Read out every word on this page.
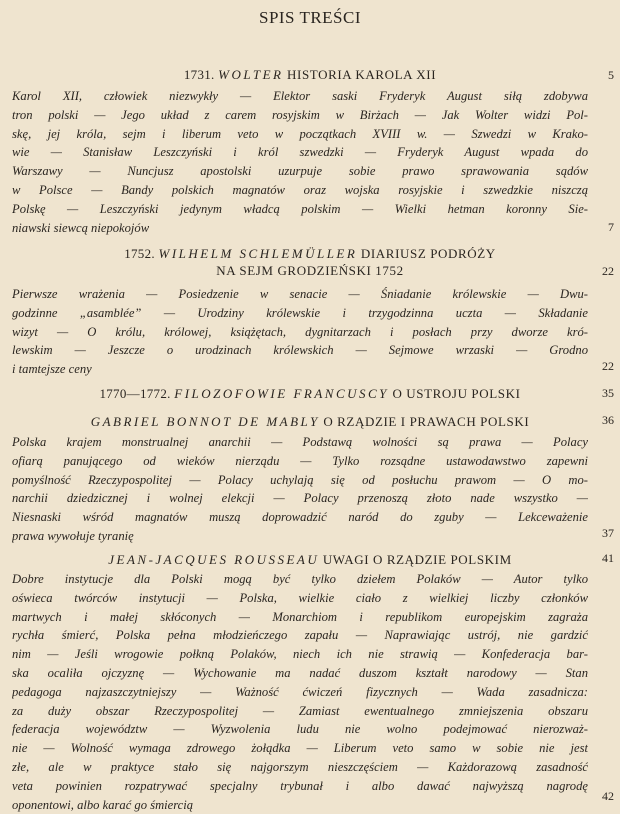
SPIS TREŚCI
1731. WOLTER HISTORIA KAROLA XII	5
Karol XII, człowiek niezwykły — Elektor saski Fryderyk August siłą zdobywa
tron polski — Jego układ z carem rosyjskim w Birżach — Jak Wolter widzi Pol-
skę, jej króla, sejm i liberum veto w początkach XVIII w. — Szwedzi w Krako-
wie — Stanisław Leszczyński i król szwedzki — Fryderyk August wpada do
Warszawy — Nuncjusz apostolski uzurpuje sobie prawo sprawowania sądów
w Polsce — Bandy polskich magnatów oraz wojska rosyjskie i szwedzkie niszczą
Polskę — Leszczyński jedynym władcą polskim — Wielki hetman koronny Sie-
niawski siewcą niepokojów	7
1752. WILHELM SCHLEMÜLLER DIARIUSZ PODRÓŻY
NA SEJM GRODZIEŃSKI 1752	22
Pierwsze wrażenia — Posiedzenie w senacie — Śniadanie królewskie — Dwu-
godzinne „asamblée” — Urodziny królewskie i trzygodzinna uczta — Składanie
wizyt — O królu, królowej, książętach, dygnitarzach i posłach przy dworze kró-
lewskim — Jeszcze o urodzinach królewskich — Sejmowe wrzaski — Grodno
i tamtejsze ceny	22
1770—1772. FILOZOFOWIE FRANCUSCY O USTROJU POLSKI	35
GABRIEL BONNOT DE MABLY O RZĄDZIE I PRAWACH POLSKI	36
Polska krajem monstrualnej anarchii — Podstawą wolności są prawa — Polacy
ofiarą panującego od wieków nierządu — Tylko rozsądne ustawodawstwo zapewni
pomyślność Rzeczypospolitej — Polacy uchylają się od posłuchu prawom — O mo-
narchii dziedzicznej i wolnej elekcji — Polacy przenoszą złoto nade wszystko —
Niesnaski wśród magnatów muszą doprowadzić naród do zguby — Lekceważenie
prawa wywołuje tyranię	37
JEAN-JACQUES ROUSSEAU UWAGI O RZĄDZIE POLSKIM	41
Dobre instytucje dla Polski mogą być tylko dziełem Polaków — Autor tylko
oświeca twórców instytucji — Polska, wielkie ciało z wielkiej liczby członków
martwych i małej skłóconych — Monarchiom i republikom europejskim zagraża
rychła śmierć, Polska pełna młodzieńczego zapału — Naprawiając ustrój, nie gardzić
nim — Jeśli wrogowie połkną Polaków, niech ich nie strawią — Konfederacja bar-
ska ocaliła ojczyznę — Wychowanie ma nadać duszom kształt narodowy — Stan
pedagoga najzaszczytniejszy — Ważność ćwiczeń fizycznych — Wada zasadnicza:
za duży obszar Rzeczypospolitej — Zamiast ewentualnego zmniejszenia obszaru
federacja województw — Wyzwolenia ludu nie wolno podejmować nierozważ-
nie — Wolność wymaga zdrowego żołądka — Liberum veto samo w sobie nie jest
złe, ale w praktyce stało się najgorszym nieszczęściem — Każdorazową zasadność
veta powinien rozpatrywać specjalny trybunał i albo dawać najwyższą nagrodę
oponentowi, albo karać go śmiercią
42
